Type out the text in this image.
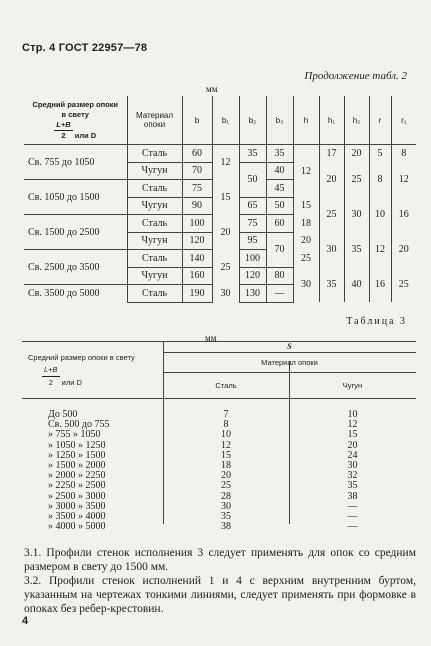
Стр. 4 ГОСТ 22957—78
Продолжение табл. 2
мм
Средний размер опоки
в свету

$\frac{L+B}{2}$ или D	Материал опоки	b	b₁	b₂	b₃	h	h₁	h₂	r	r₁
Св. 755 до 1050	Сталь	60	12	35	35	12	17	20	5	8
	Чугун	70		50	40		20	25	8	12
Св. 1050 до 1500	Сталь	75	15		45					
	Чугун	90		65	50	15	25	30	10	16
Св. 1500 до 2500	Сталь	100	20	75	60	18				
	Чугун	120		95	70	20	30	35	12	20
Св. 2500 до 3500	Сталь	140	25	100		25				
	Чугун	160		120	80	30	35	40	16	25
Св. 3500 до 5000	Сталь	190	30	130	—					
Таблица 3
мм
S
Материал опоки
Сталь	Чугун
Средний размер опоки в свету
$\frac{L+B}{2}$ или D
До 500	7	10
Св. 500 до 755	8	12
» 755 » 1050	10	15
» 1050 » 1250	12	20
» 1250 » 1500	15	24
» 1500 » 2000	18	30
» 2000 » 2250	20	32
» 2250 » 2500	25	35
» 2500 » 3000	28	38
» 3000 » 3500	30	—
» 3500 » 4000	35	—
» 4000 » 5000	38	—
3.1. Профили стенок исполнения 3 следует применять для опок со средним размером в свету до 1500 мм.
3.2. Профили стенок исполнений 1 и 4 с верхним внутренним буртом, указанным на чертежах тонкими линиями, следует применять при формовке в опоках без ребер-крестовин.
4
